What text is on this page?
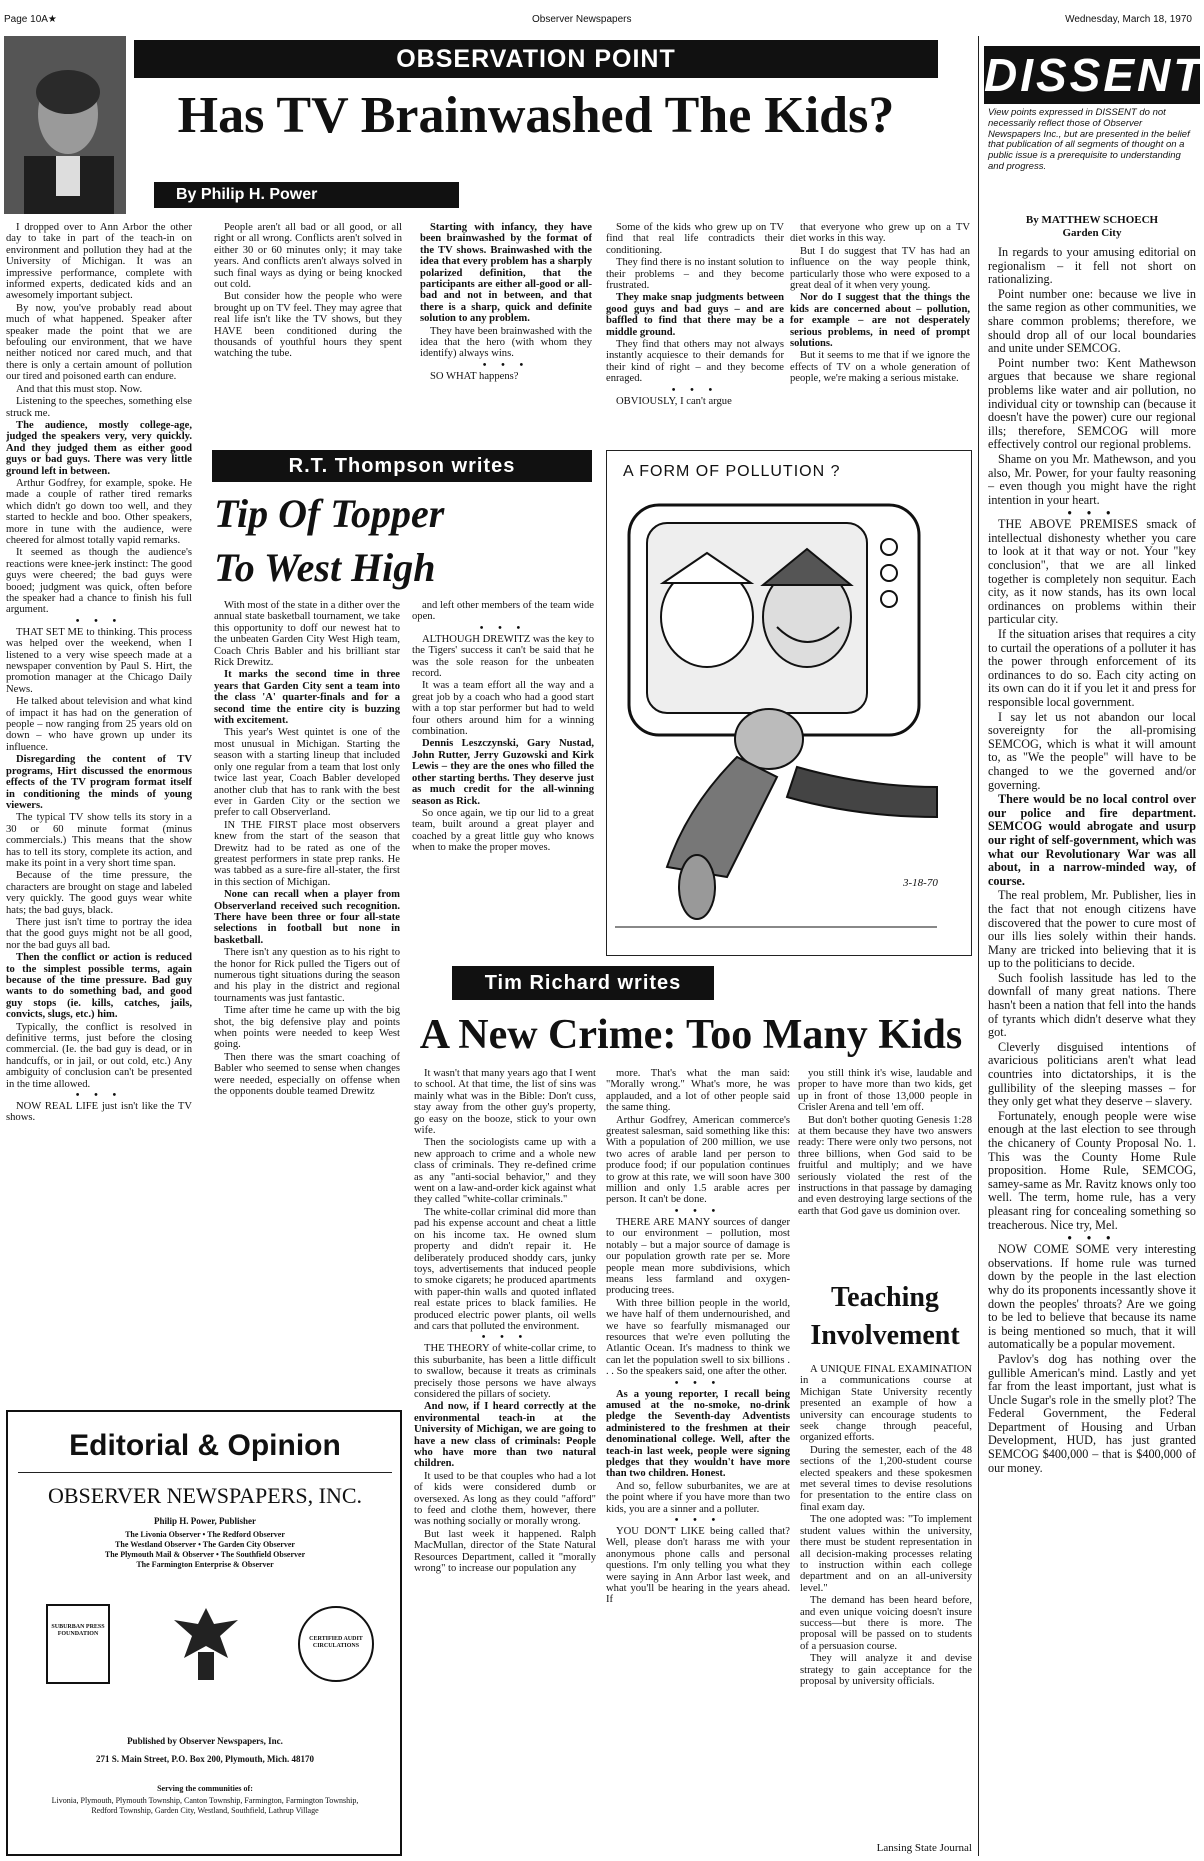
Page 10A★	Observer Newspapers	Wednesday, March 18, 1970
OBSERVATION POINT
Has TV Brainwashed The Kids?
By Philip H. Power

I dropped over to Ann Arbor the other day to take in part of the teach-in on environment and pollution they had at the University of Michigan. It was an impressive performance, complete with informed experts, dedicated kids and an awesomely important subject.

By now, you've probably read about much of what happened. Speaker after speaker made the point that we are befouling our environment, that we have neither noticed nor cared much, and that there is only a certain amount of pollution our tired and poisoned earth can endure.

And that this must stop. Now.

Listening to the speeches, something else struck me.

The audience, mostly college-age, judged the speakers very, very quickly. And they judged them as either good guys or bad guys. There was very little ground left in between.

Arthur Godfrey, for example, spoke. He made a couple of rather tired remarks which didn't go down too well, and they started to heckle and boo. Other speakers, more in tune with the audience, were cheered for almost totally vapid remarks.

It seemed as though the audience's reactions were knee-jerk instinct: The good guys were cheered; the bad guys were booed; judgment was quick, often before the speaker had a chance to finish his full argument.

• • •

THAT SET ME to thinking. This process was helped over the weekend, when I listened to a very wise speech made at a newspaper convention by Paul S. Hirt, the promotion manager at the Chicago Daily News.

He talked about television and what kind of impact it has had on the generation of people – now ranging from 25 years old on down – who have grown up under its influence.

Disregarding the content of TV programs, Hirt discussed the enormous effects of the TV program format itself in conditioning the minds of young viewers.

The typical TV show tells its story in a 30 or 60 minute format (minus commercials.) This means that the show has to tell its story, complete its action, and make its point in a very short time span.

Because of the time pressure, the characters are brought on stage and labeled very quickly. The good guys wear white hats; the bad guys, black.

There just isn't time to portray the idea that the good guys might not be all good, nor the bad guys all bad.

Then the conflict or action is reduced to the simplest possible terms, again because of the time pressure. Bad guy wants to do something bad, and good guy stops (ie. kills, catches, jails, convicts, slugs, etc.) him.

Typically, the conflict is resolved in definitive terms, just before the closing commercial. (Ie. the bad guy is dead, or in handcuffs, or in jail, or out cold, etc.) Any ambiguity of conclusion can't be presented in the time allowed.

• • •

NOW REAL LIFE just isn't like the TV shows.

People aren't all bad or all good, or all right or all wrong. Conflicts aren't solved in either 30 or 60 minutes only; it may take years. And conflicts aren't always solved in such final ways as dying or being knocked out cold.

But consider how the people who were brought up on TV feel. They may agree that real life isn't like the TV shows, but they HAVE been conditioned during the thousands of youthful hours they spent watching the tube.

Starting with infancy, they have been brainwashed by the format of the TV shows. Brainwashed with the idea that every problem has a sharply polarized definition, that the participants are either all-good or all-bad and not in between, and that there is a sharp, quick and definite solution to any problem.

They have been brainwashed with the idea that the hero (with whom they identify) always wins.

• • •

SO WHAT happens?

Some of the kids who grew up on TV find that real life contradicts their conditioning.

They find there is no instant solution to their problems – and they become frustrated.

They make snap judgments between good guys and bad guys – and are baffled to find that there may be a middle ground.

They find that others may not always instantly acquiesce to their demands for their kind of right – and they become enraged.

• • •

OBVIOUSLY, I can't argue

that everyone who grew up on a TV diet works in this way.

But I do suggest that TV has had an influence on the way people think, particularly those who were exposed to a great deal of it when very young.

Nor do I suggest that the things the kids are concerned about – pollution, for example – are not desperately serious problems, in need of prompt solutions.

But it seems to me that if we ignore the effects of TV on a whole generation of people, we're making a serious mistake.

DISSENT
View points expressed in DISSENT do not necessarily reflect those of Observer Newspapers Inc., but are presented in the belief that publication of all segments of thought on a public issue is a prerequisite to understanding and progress.
By MATTHEW SCHOECH
Garden City

In regards to your amusing editorial on regionalism – it fell not short on rationalizing.

Point number one: because we live in the same region as other communities, we share common problems; therefore, we should drop all of our local boundaries and unite under SEMCOG.

Point number two: Kent Mathewson argues that because we share regional problems like water and air pollution, no individual city or township can (because it doesn't have the power) cure our regional ills; therefore, SEMCOG will more effectively control our regional problems.

Shame on you Mr. Mathewson, and you also, Mr. Power, for your faulty reasoning – even though you might have the right intention in your heart.

• • •

THE ABOVE PREMISES smack of intellectual dishonesty whether you care to look at it that way or not. Your "key conclusion", that we are all linked together is completely non sequitur. Each city, as it now stands, has its own local ordinances on problems within their particular city.

If the situation arises that requires a city to curtail the operations of a polluter it has the power through enforcement of its ordinances to do so. Each city acting on its own can do it if you let it and press for responsible local government.

I say let us not abandon our local sovereignty for the all-promising SEMCOG, which is what it will amount to, as "We the people" will have to be changed to we the governed and/or governing.

There would be no local control over our police and fire department. SEMCOG would abrogate and usurp our right of self-government, which was what our Revolutionary War was all about, in a narrow-minded way, of course.

The real problem, Mr. Publisher, lies in the fact that not enough citizens have discovered that the power to cure most of our ills lies solely within their hands. Many are tricked into believing that it is up to the politicians to decide.

Such foolish lassitude has led to the downfall of many great nations. There hasn't been a nation that fell into the hands of tyrants which didn't deserve what they got.

Cleverly disguised intentions of avaricious politicians aren't what lead countries into dictatorships, it is the gullibility of the sleeping masses – for they only get what they deserve – slavery.

Fortunately, enough people were wise enough at the last election to see through the chicanery of County Proposal No. 1. This was the County Home Rule proposition. Home Rule, SEMCOG, samey-same as Mr. Ravitz knows only too well. The term, home rule, has a very pleasant ring for concealing something so treacherous. Nice try, Mel.

• • •

NOW COME SOME very interesting observations. If home rule was turned down by the people in the last election why do its proponents incessantly shove it down the peoples' throats? Are we going to be led to believe that because its name is being mentioned so much, that it will automatically be a popular movement.

Pavlov's dog has nothing over the gullible American's mind. Lastly and yet far from the least important, just what is Uncle Sugar's role in the smelly plot? The Federal Government, the Federal Department of Housing and Urban Development, HUD, has just granted SEMCOG $400,000 – that is $400,000 of our money.

R.T. Thompson writes
Tip Of Topper
To West High

With most of the state in a dither over the annual state basketball tournament, we take this opportunity to doff our newest hat to the unbeaten Garden City West High team, Coach Chris Babler and his brilliant star Rick Drewitz.

It marks the second time in three years that Garden City sent a team into the class 'A' quarter-finals and for a second time the entire city is buzzing with excitement.

This year's West quintet is one of the most unusual in Michigan. Starting the season with a starting lineup that included only one regular from a team that lost only twice last year, Coach Babler developed another club that has to rank with the best ever in Garden City or the section we prefer to call Observerland.

IN THE FIRST place most observers knew from the start of the season that Drewitz had to be rated as one of the greatest performers in state prep ranks. He was tabbed as a sure-fire all-stater, the first in this section of Michigan.

None can recall when a player from Observerland received such recognition. There have been three or four all-state selections in football but none in basketball.

There isn't any question as to his right to the honor for Rick pulled the Tigers out of numerous tight situations during the season and his play in the district and regional tournaments was just fantastic.

Time after time he came up with the big shot, the big defensive play and points when points were needed to keep West going.

Then there was the smart coaching of Babler who seemed to sense when changes were needed, especially on offense when the opponents double teamed Drewitz

and left other members of the team wide open.

• • •

ALTHOUGH DREWITZ was the key to the Tigers' success it can't be said that he was the sole reason for the unbeaten record.

It was a team effort all the way and a great job by a coach who had a good start with a top star performer but had to weld four others around him for a winning combination.

Dennis Leszczynski, Gary Nustad, John Rutter, Jerry Guzowski and Kirk Lewis – they are the ones who filled the other starting berths. They deserve just as much credit for the all-winning season as Rick.

So once again, we tip our lid to a great team, built around a great player and coached by a great little guy who knows when to make the proper moves.

A FORM OF POLLUTION ?
3-18-70
Tim Richard writes
A New Crime: Too Many Kids

It wasn't that many years ago that I went to school. At that time, the list of sins was mainly what was in the Bible: Don't cuss, stay away from the other guy's property, go easy on the booze, stick to your own wife.

Then the sociologists came up with a new approach to crime and a whole new class of criminals. They re-defined crime as any "anti-social behavior," and they went on a law-and-order kick against what they called "white-collar criminals."

The white-collar criminal did more than pad his expense account and cheat a little on his income tax. He owned slum property and didn't repair it. He deliberately produced shoddy cars, junky toys, advertisements that induced people to smoke cigarets; he produced apartments with paper-thin walls and quoted inflated real estate prices to black families. He produced electric power plants, oil wells and cars that polluted the environment.

• • •

THE THEORY of white-collar crime, to this suburbanite, has been a little difficult to swallow, because it treats as criminals precisely those persons we have always considered the pillars of society.

And now, if I heard correctly at the environmental teach-in at the University of Michigan, we are going to have a new class of criminals: People who have more than two natural children.

It used to be that couples who had a lot of kids were considered dumb or oversexed. As long as they could "afford" to feed and clothe them, however, there was nothing socially or morally wrong.

But last week it happened. Ralph MacMullan, director of the State Natural Resources Department, called it "morally wrong" to increase our population any

more. That's what the man said: "Morally wrong." What's more, he was applauded, and a lot of other people said the same thing.

Arthur Godfrey, American commerce's greatest salesman, said something like this: With a population of 200 million, we use two acres of arable land per person to produce food; if our population continues to grow at this rate, we will soon have 300 million and only 1.5 arable acres per person. It can't be done.

• • •

THERE ARE MANY sources of danger to our environment – pollution, most notably – but a major source of damage is our population growth rate per se. More people mean more subdivisions, which means less farmland and oxygen-producing trees.

With three billion people in the world, we have half of them undernourished, and we have so fearfully mismanaged our resources that we're even polluting the Atlantic Ocean. It's madness to think we can let the population swell to six billions . . . So the speakers said, one after the other.

• • •

As a young reporter, I recall being amused at the no-smoke, no-drink pledge the Seventh-day Adventists administered to the freshmen at their denominational college. Well, after the teach-in last week, people were signing pledges that they wouldn't have more than two children. Honest.

And so, fellow suburbanites, we are at the point where if you have more than two kids, you are a sinner and a polluter.

• • •

YOU DON'T LIKE being called that? Well, please don't harass me with your anonymous phone calls and personal questions. I'm only telling you what they were saying in Ann Arbor last week, and what you'll be hearing in the years ahead. If

you still think it's wise, laudable and proper to have more than two kids, get up in front of those 13,000 people in Crisler Arena and tell 'em off.

But don't bother quoting Genesis 1:28 at them because they have two answers ready: There were only two persons, not three billions, when God said to be fruitful and multiply; and we have seriously violated the rest of the instructions in that passage by damaging and even destroying large sections of the earth that God gave us dominion over.

Teaching
Involvement

A UNIQUE FINAL EXAMINATION in a communications course at Michigan State University recently presented an example of how a university can encourage students to seek change through peaceful, organized efforts.

During the semester, each of the 48 sections of the 1,200-student course elected speakers and these spokesmen met several times to devise resolutions for presentation to the entire class on final exam day.

The one adopted was: "To implement student values within the university, there must be student representation in all decision-making processes relating to instruction within each college department and on an all-university level."

The demand has been heard before, and even unique voicing doesn't insure success—but there is more. The proposal will be passed on to students of a persuasion course.

They will analyze it and devise strategy to gain acceptance for the proposal by university officials.

Lansing State Journal
Editorial & Opinion
OBSERVER NEWSPAPERS, INC.
Philip H. Power, Publisher
The Livonia Observer • The Redford Observer
The Westland Observer • The Garden City Observer
The Plymouth Mail & Observer • The Southfield Observer
The Farmington Enterprise & Observer
SUBURBAN PRESS FOUNDATION
CERTIFIED AUDIT CIRCULATIONS
Published by Observer Newspapers, Inc.
271 S. Main Street, P.O. Box 200, Plymouth, Mich. 48170
Serving the communities of:
Livonia, Plymouth, Plymouth Township, Canton Township, Farmington, Farmington Township, Redford Township, Garden City, Westland, Southfield, Lathrup Village
